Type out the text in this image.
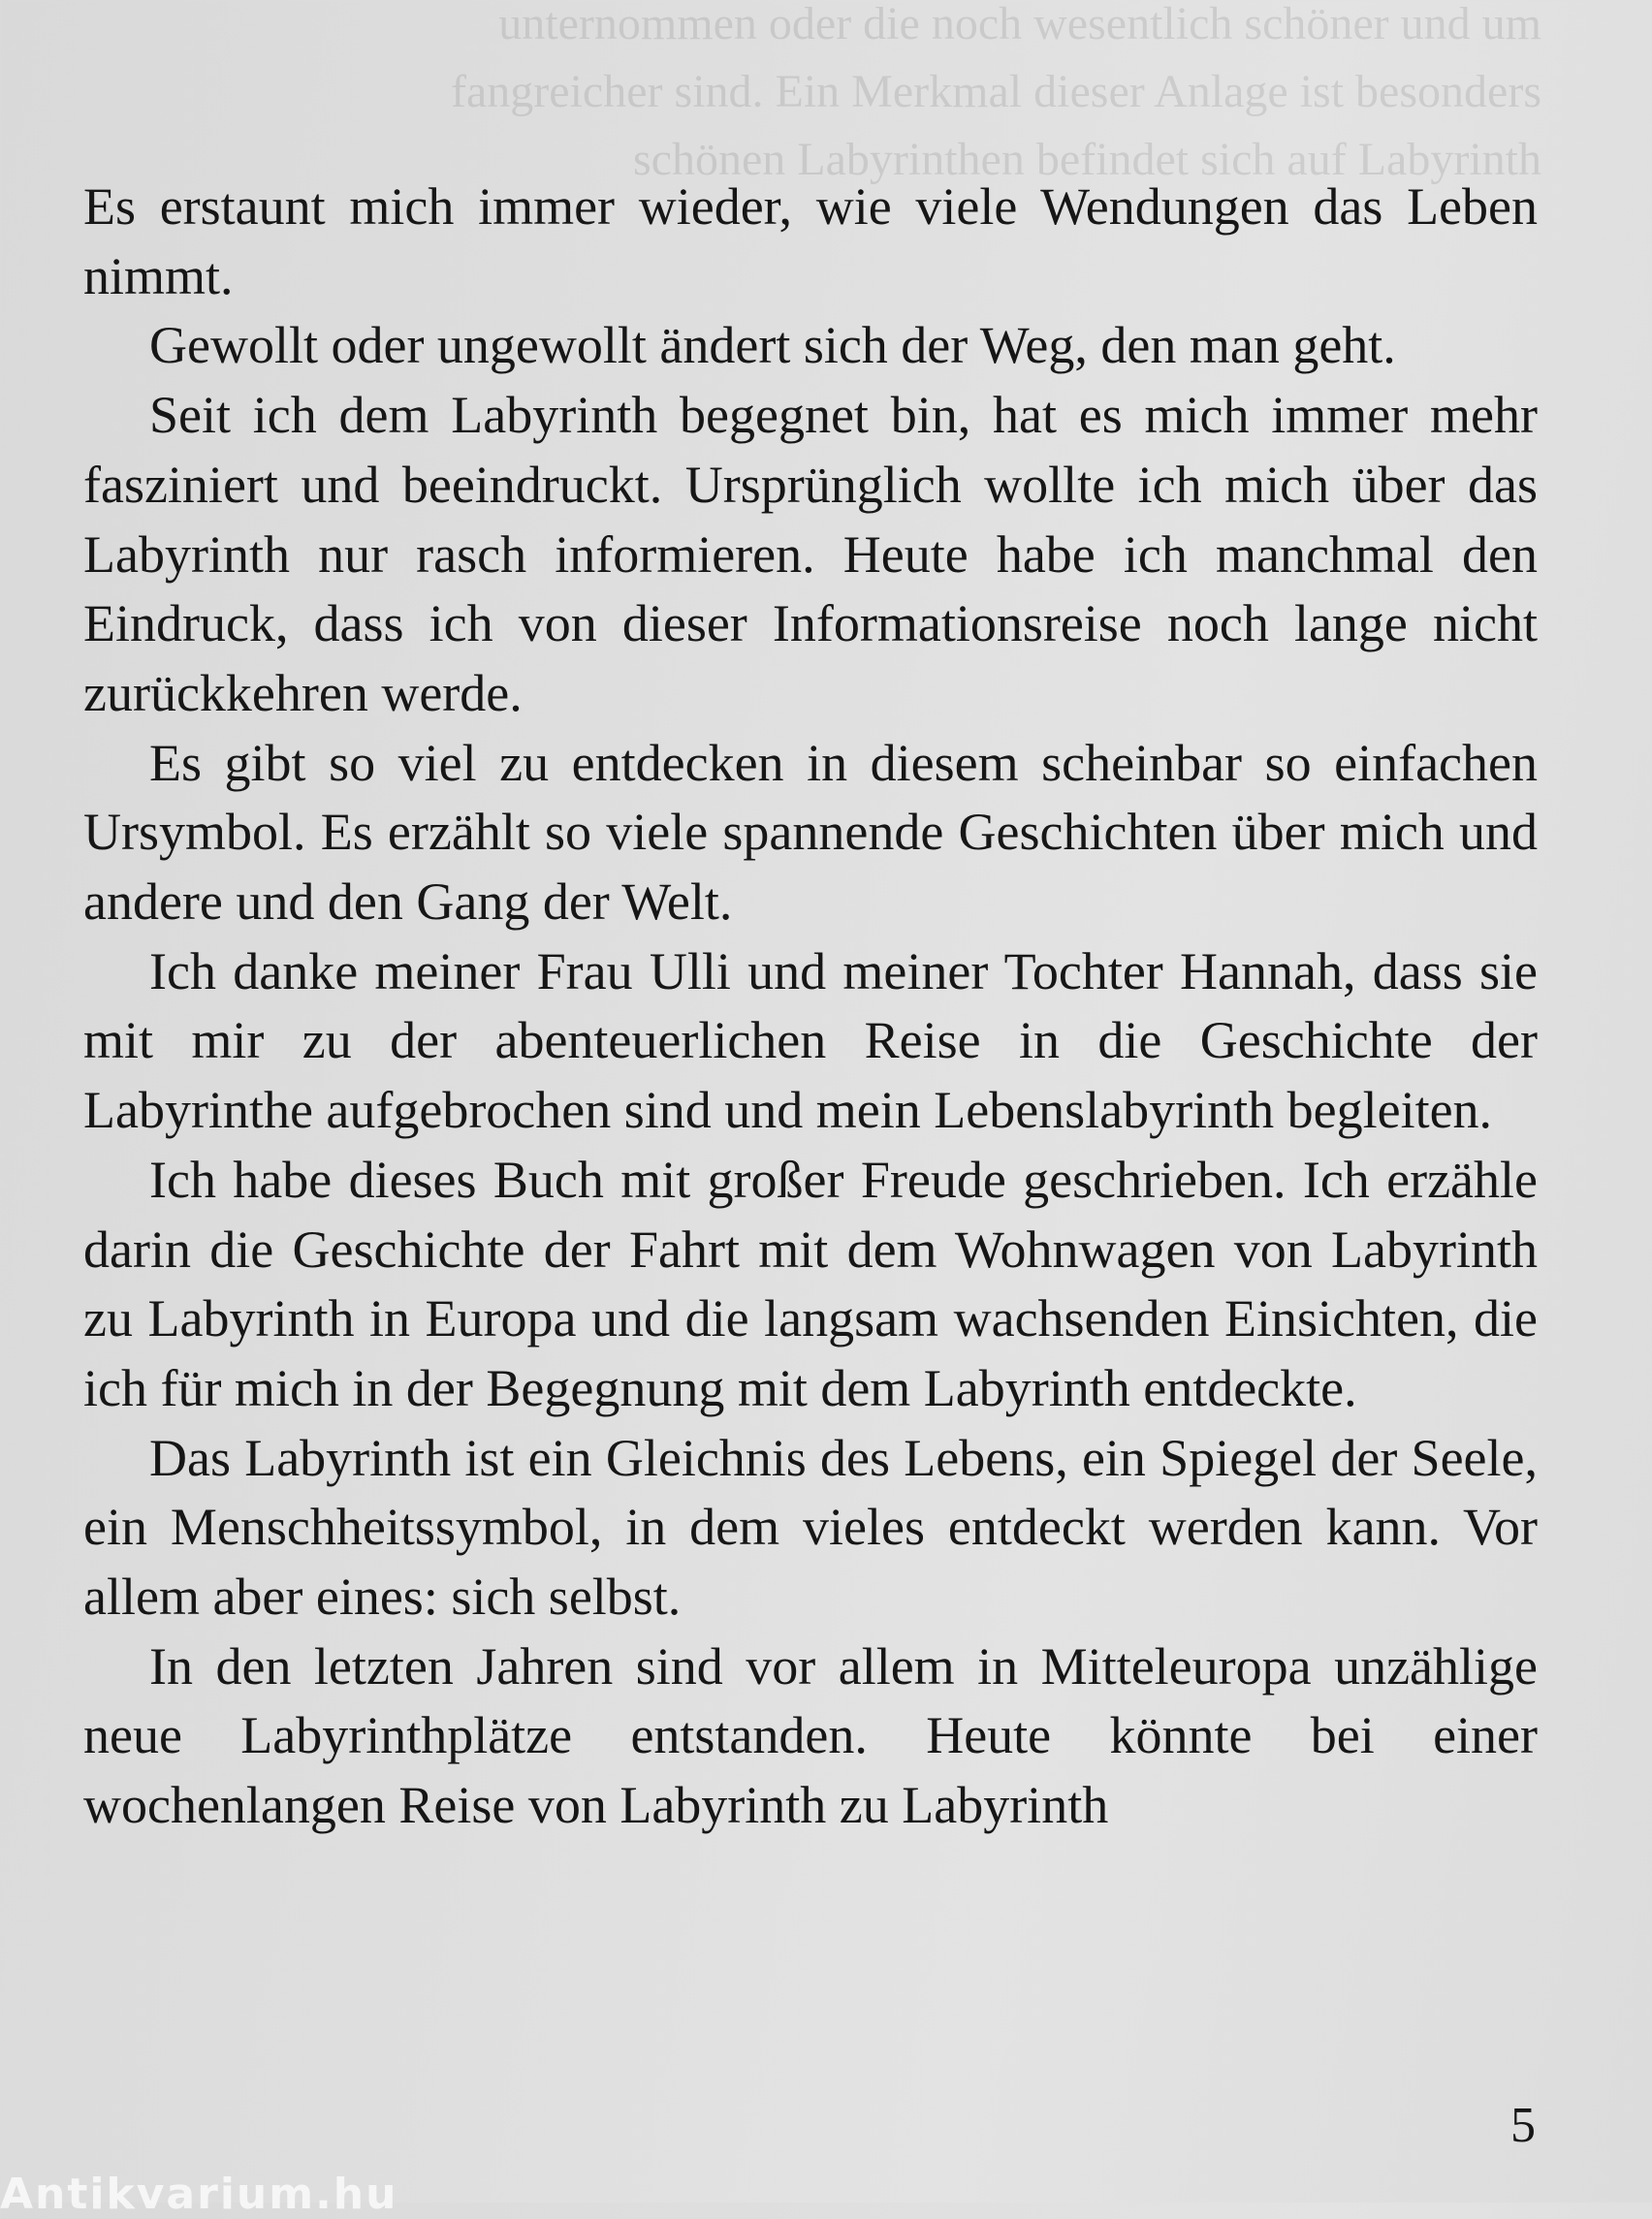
unternommen oder die noch wesentlich schöner und um
fangreicher sind. Ein Merkmal dieser Anlage ist besonders
schönen Labyrinthen befindet sich auf Labyrinth

Es erstaunt mich immer wieder, wie viele Wendungen das Leben nimmt.

Gewollt oder ungewollt ändert sich der Weg, den man geht.

Seit ich dem Labyrinth begegnet bin, hat es mich immer mehr fasziniert und beeindruckt. Ursprünglich wollte ich mich über das Labyrinth nur rasch informieren. Heute habe ich manchmal den Eindruck, dass ich von dieser Informationsreise noch lange nicht zurückkehren werde.

Es gibt so viel zu entdecken in diesem scheinbar so einfachen Ursymbol. Es erzählt so viele spannende Geschichten über mich und andere und den Gang der Welt.

Ich danke meiner Frau Ulli und meiner Tochter Hannah, dass sie mit mir zu der abenteuerlichen Reise in die Geschichte der Labyrinthe aufgebrochen sind und mein Lebenslabyrinth begleiten.

Ich habe dieses Buch mit großer Freude geschrieben. Ich erzähle darin die Geschichte der Fahrt mit dem Wohnwagen von Labyrinth zu Labyrinth in Europa und die langsam wachsenden Einsichten, die ich für mich in der Begegnung mit dem Labyrinth entdeckte.

Das Labyrinth ist ein Gleichnis des Lebens, ein Spiegel der Seele, ein Menschheitssymbol, in dem vieles entdeckt werden kann. Vor allem aber eines: sich selbst.

In den letzten Jahren sind vor allem in Mitteleuropa unzählige neue Labyrinthplätze entstanden. Heute könnte bei einer wochenlangen Reise von Labyrinth zu Labyrinth

5
Antikvarium.hu
